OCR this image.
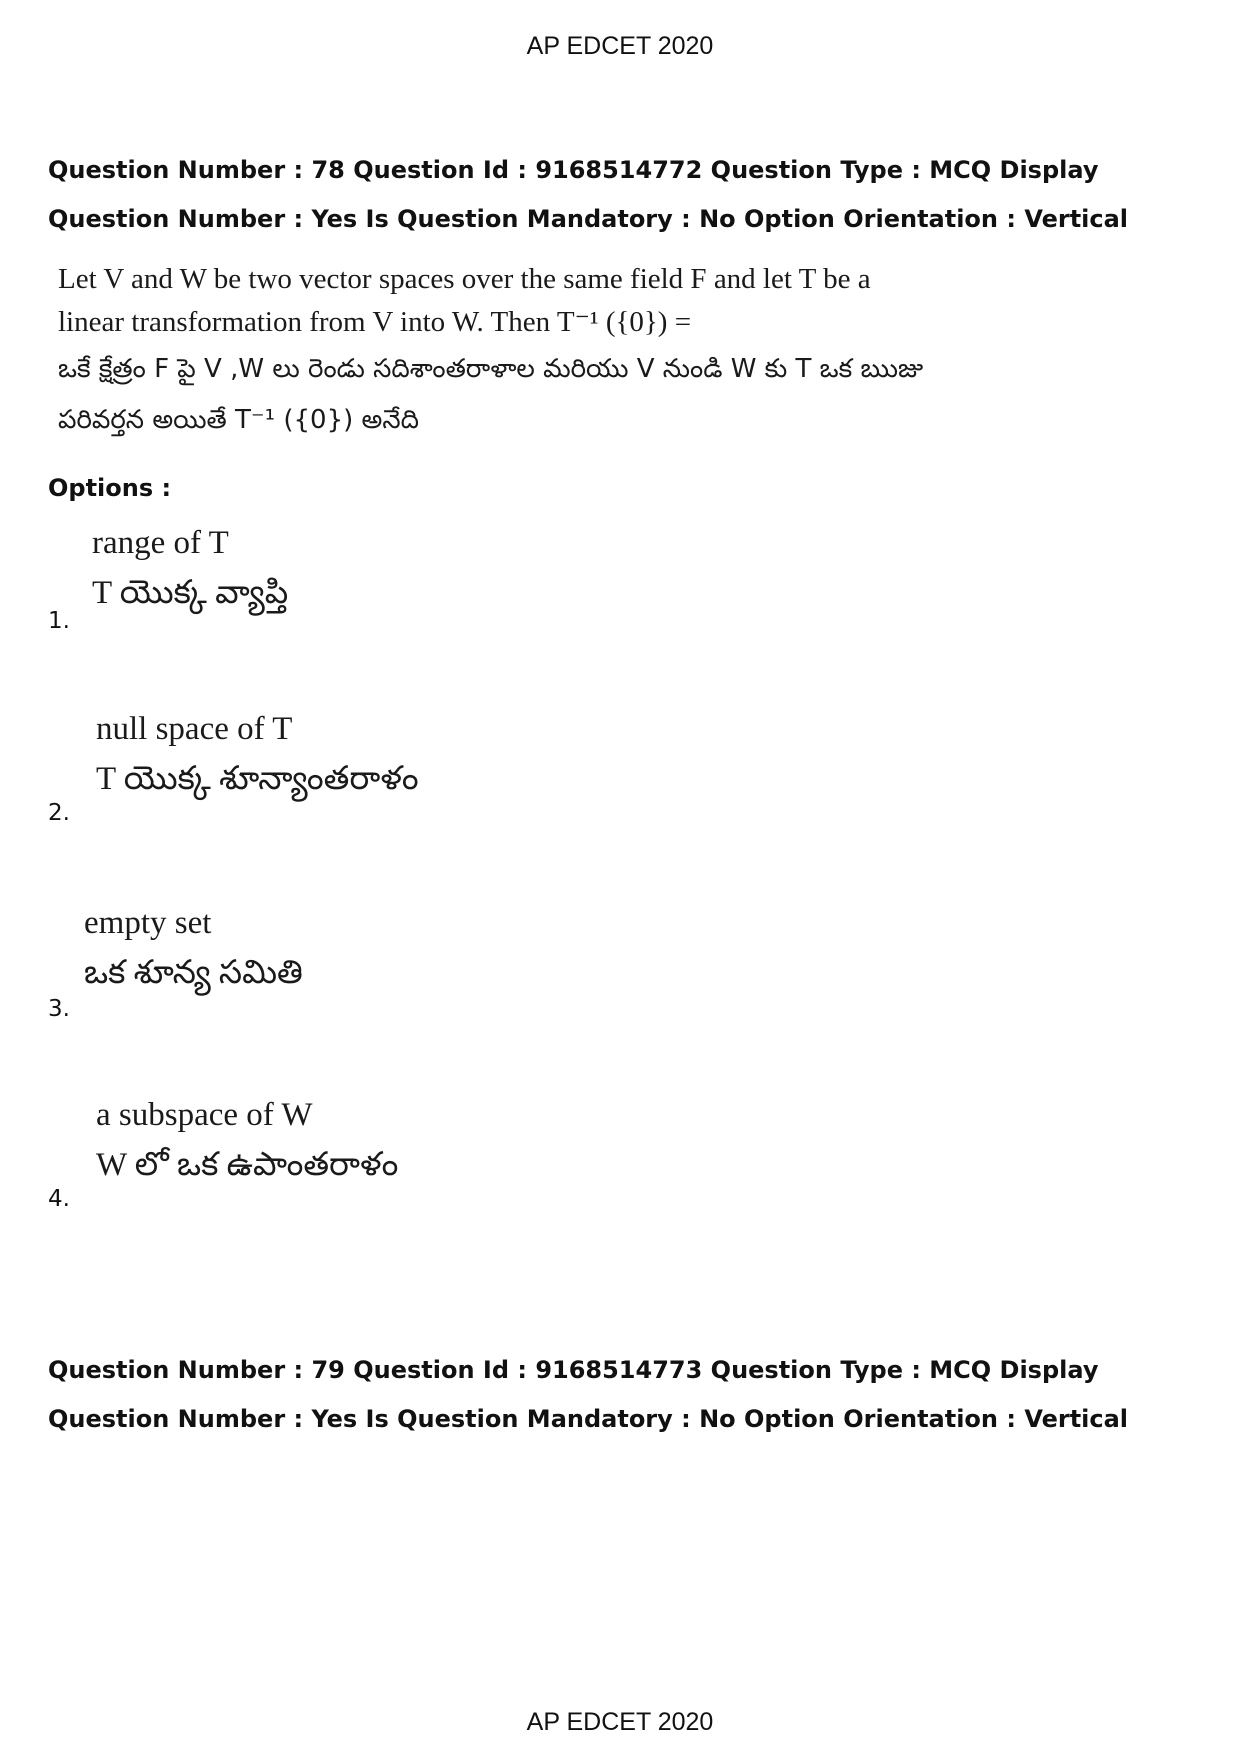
AP EDCET 2020

Question Number : 78 Question Id : 9168514772 Question Type : MCQ Display Question Number : Yes Is Question Mandatory : No Option Orientation : Vertical

Let V and W be two vector spaces over the same field F and let T be a
linear transformation from V into W. Then T⁻¹ ({0}) =
ఒకే క్షేత్రం F పై V ,W లు రెండు సదిశాంతరాళాల మరియు V నుండి W కు T ఒక ఋజు
పరివర్తన అయితే T⁻¹ ({0}) అనేది
Options :
range of T
T యొక్క వ్యాప్తి
1.
null space of T
T యొక్క శూన్యాంతరాళం
2.
empty set
ఒక శూన్య సమితి
3.
a subspace of W
W లో ఒక ఉపాంతరాళం
4.

Question Number : 79 Question Id : 9168514773 Question Type : MCQ Display Question Number : Yes Is Question Mandatory : No Option Orientation : Vertical

AP EDCET 2020
